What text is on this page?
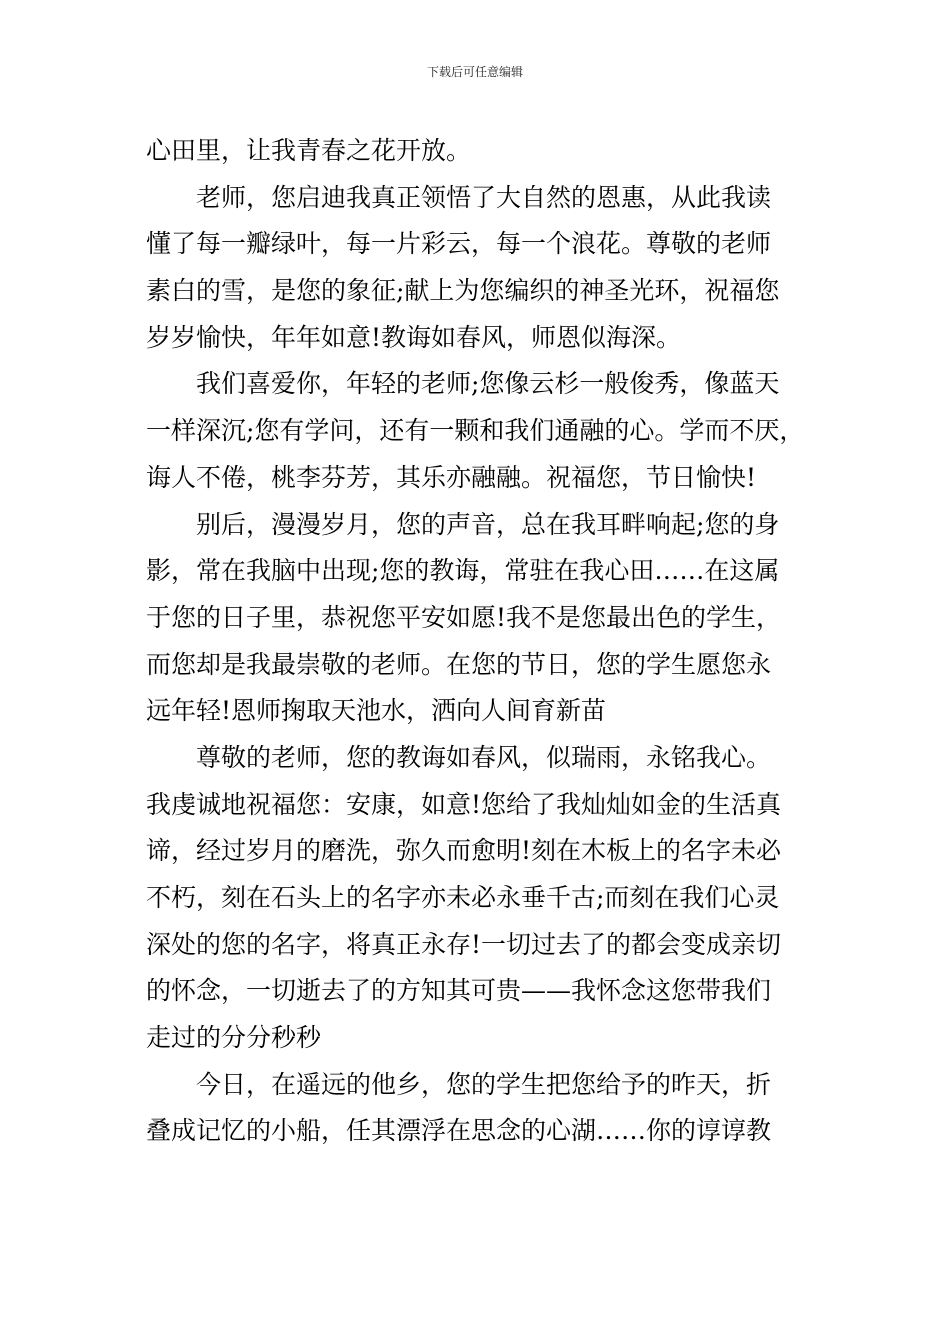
下载后可任意编辑
心田里，让我青春之花开放。
老师，您启迪我真正领悟了大自然的恩惠，从此我读
懂了每一瓣绿叶，每一片彩云，每一个浪花。尊敬的老师
素白的雪，是您的象征;献上为您编织的神圣光环，祝福您
岁岁愉快，年年如意!教诲如春风，师恩似海深。
我们喜爱你，年轻的老师;您像云杉一般俊秀，像蓝天
一样深沉;您有学问，还有一颗和我们通融的心。学而不厌，
诲人不倦，桃李芬芳，其乐亦融融。祝福您，节日愉快!
别后，漫漫岁月，您的声音，总在我耳畔响起;您的身
影，常在我脑中出现;您的教诲，常驻在我心田……在这属
于您的日子里，恭祝您平安如愿!我不是您最出色的学生，
而您却是我最崇敬的老师。在您的节日，您的学生愿您永
远年轻!恩师掬取天池水，洒向人间育新苗
尊敬的老师，您的教诲如春风，似瑞雨，永铭我心。
我虔诚地祝福您：安康，如意!您给了我灿灿如金的生活真
谛，经过岁月的磨洗，弥久而愈明!刻在木板上的名字未必
不朽，刻在石头上的名字亦未必永垂千古;而刻在我们心灵
深处的您的名字，将真正永存!一切过去了的都会变成亲切
的怀念，一切逝去了的方知其可贵——我怀念这您带我们
走过的分分秒秒
今日，在遥远的他乡，您的学生把您给予的昨天，折
叠成记忆的小船，任其漂浮在思念的心湖……你的谆谆教
